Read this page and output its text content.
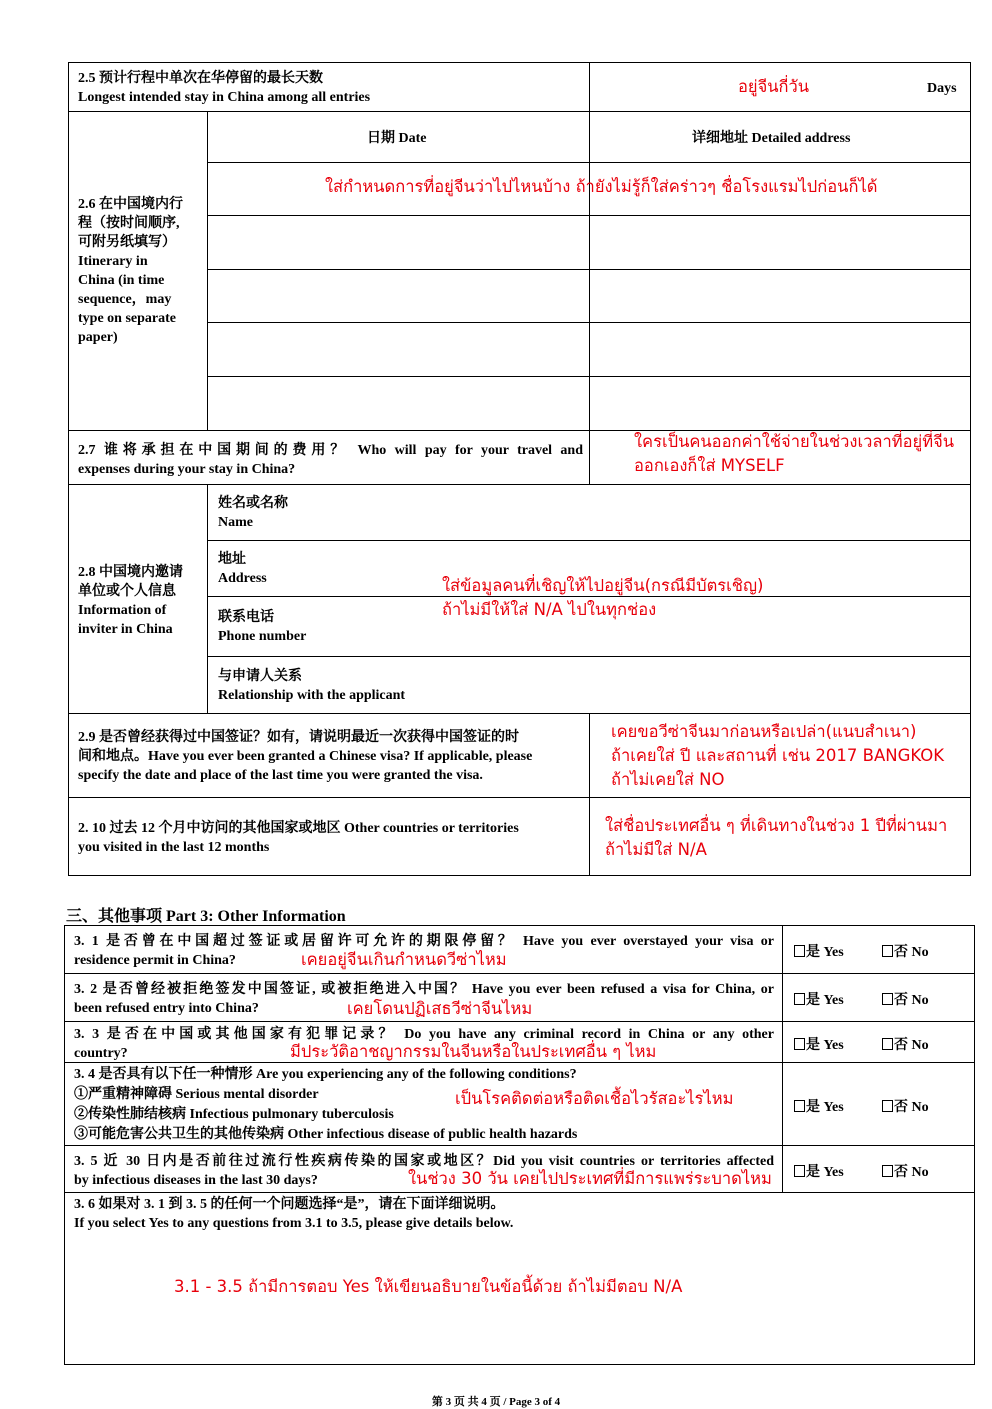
2.5 预计行程中单次在华停留的最长天数
Longest intended stay in China among all entries
อยู่จีนกี่วัน	Days
日期 Date	详细地址 Detailed address
2.6 在中国境内行
程（按时间顺序,
可附另纸填写）
Itinerary in
China (in time
sequence，may
type on separate
paper)
ใส่กำหนดการที่อยู่จีนว่าไปไหนบ้าง ถ้ายังไม่รู้ก็ใส่คร่าวๆ ชื่อโรงแรมไปก่อนก็ได้
2.7 谁将承担在中国期间的费用？ Who will pay for your travel and
expenses during your stay in China?
ใครเป็นคนออกค่าใช้จ่ายในช่วงเวลาที่อยู่ที่จีน
ออกเองก็ใส่ MYSELF
2.8 中国境内邀请
单位或个人信息
Information of
inviter in China
姓名或名称
Name
地址
Address
联系电话
Phone number
与申请人关系
Relationship with the applicant
ใส่ข้อมูลคนที่เชิญให้ไปอยู่จีน(กรณีมีบัตรเชิญ)
ถ้าไม่มีให้ใส่ N/A ไปในทุกช่อง
2.9 是否曾经获得过中国签证？如有，请说明最近一次获得中国签证的时
间和地点。Have you ever been granted a Chinese visa? If applicable, please
specify the date and place of the last time you were granted the visa.
เคยขอวีซ่าจีนมาก่อนหรือเปล่า(แนบสำเนา)
ถ้าเคยใส่ ปี และสถานที่ เช่น 2017 BANGKOK
ถ้าไม่เคยใส่ NO
2. 10 过去 12 个月中访问的其他国家或地区 Other countries or territories
you visited in the last 12 months
ใส่ชื่อประเทศอื่น ๆ ที่เดินทางในช่วง 1 ปีที่ผ่านมา
ถ้าไม่มีใส่ N/A
三、其他事项 Part 3: Other Information
3. 1 是否曾在中国超过签证或居留许可允许的期限停留？ Have you ever overstayed your visa or
residence permit in China?	เคยอยู่จีนเกินกำหนดวีซ่าไหม	是 Yes	否 No
3. 2 是否曾经被拒绝签发中国签证, 或被拒绝进入中国？ Have you ever been refused a visa for China, or
been refused entry into China?	เคยโดนปฏิเสธวีซ่าจีนไหม	是 Yes	否 No
3. 3 是否在中国或其他国家有犯罪记录？ Do you have any criminal record in China or any other
country?	มีประวัติอาชญากรรมในจีนหรือในประเทศอื่น ๆ ไหม	是 Yes	否 No
3. 4 是否具有以下任一种情形 Are you experiencing any of the following conditions?
①严重精神障碍 Serious mental disorder
②传染性肺结核病 Infectious pulmonary tuberculosis
③可能危害公共卫生的其他传染病 Other infectious disease of public health hazards
เป็นโรคติดต่อหรือติดเชื้อไวรัสอะไรไหม	是 Yes	否 No
3. 5 近 30 日内是否前往过流行性疾病传染的国家或地区？Did you visit countries or territories affected
by infectious diseases in the last 30 days?	ในช่วง 30 วัน เคยไปประเทศที่มีการแพร่ระบาดไหม	是 Yes	否 No
3. 6 如果对 3. 1 到 3. 5 的任何一个问题选择“是”，请在下面详细说明。
If you select Yes to any questions from 3.1 to 3.5, please give details below.
3.1 - 3.5 ถ้ามีการตอบ Yes ให้เขียนอธิบายในข้อนี้ด้วย ถ้าไม่มีตอบ N/A
第 3 页 共 4 页 / Page 3 of 4
